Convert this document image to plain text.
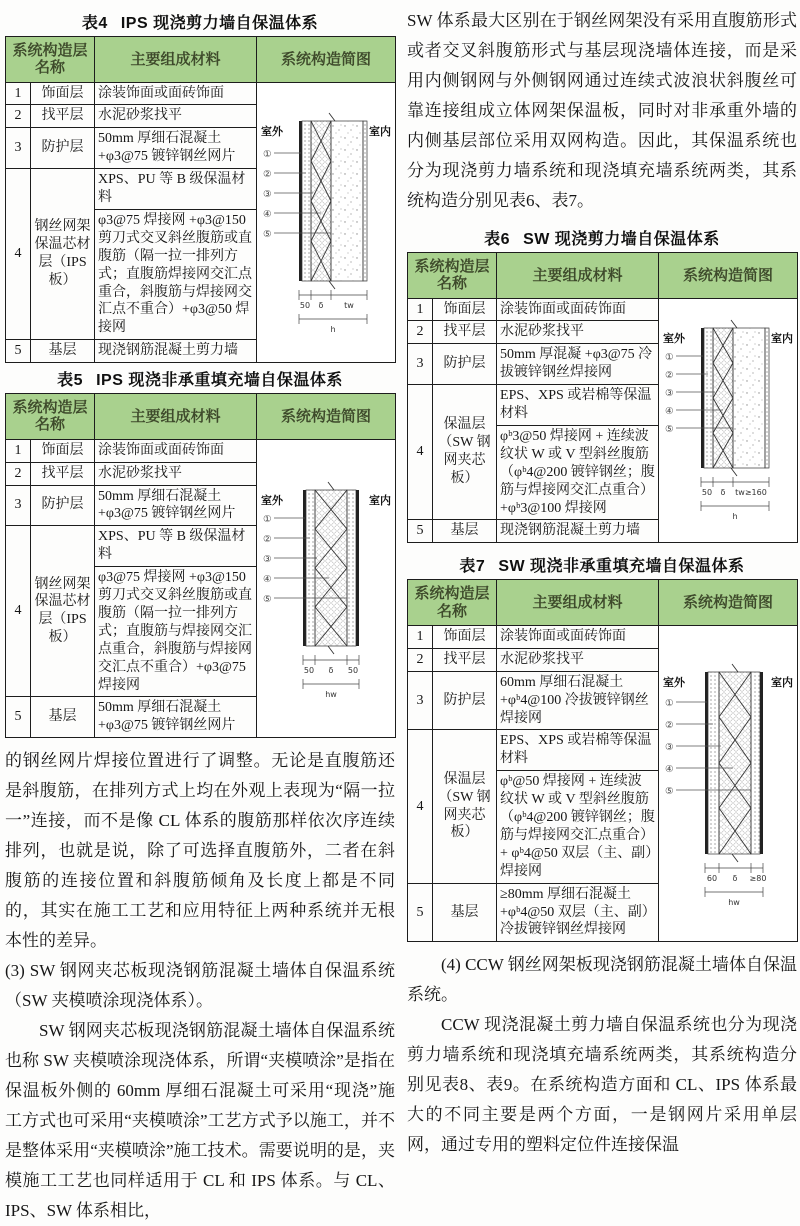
表4 IPS 现浇剪力墙自保温体系
系统构造层名称		主要组成材料	系统构造简图
1	饰面层	涂装饰面或面砖饰面	
室外	室内
①
②
③
④
⑤
50 δ	tw
h

2	找平层	水泥砂浆找平	
3	防护层	50mm 厚细石混凝土 +φ3@75 镀锌钢丝网片	
4	钢丝网架保温芯材层（IPS板）	XPS、PU 等 B 级保温材料	
		φ3@75 焊接网 +φ3@150 剪刀式交叉斜丝腹筋或直腹筋（隔一拉一排列方式；直腹筋焊接网交汇点重合，斜腹筋与焊接网交汇点不重合）+φ3@50 焊接网	
5	基层	现浇钢筋混凝土剪力墙	
表5 IPS 现浇非承重填充墙自保温体系
系统构造层名称		主要组成材料	系统构造简图
1	饰面层	涂装饰面或面砖饰面	
室外	室内
①
②
③
④
⑤
50 δ 50
hw

2	找平层	水泥砂浆找平	
3	防护层	50mm 厚细石混凝土 +φ3@75 镀锌钢丝网片	
4	钢丝网架保温芯材层（IPS 板）	XPS、PU 等 B 级保温材料	
		φ3@75 焊接网 +φ3@150 剪刀式交叉斜丝腹筋或直腹筋（隔一拉一排列方式；直腹筋与焊接网交汇点重合，斜腹筋与焊接网交汇点不重合）+φ3@75 焊接网	
5	基层	50mm 厚细石混凝土 +φ3@75 镀锌钢丝网片	

的钢丝网片焊接位置进行了调整。无论是直腹筋还是斜腹筋，在排列方式上均在外观上表现为“隔一拉一”连接，而不是像 CL 体系的腹筋那样依次序连续排列，也就是说，除了可选择直腹筋外，二者在斜腹筋的连接位置和斜腹筋倾角及长度上都是不同的，其实在施工工艺和应用特征上两种系统并无根本性的差异。

(3) SW 钢网夹芯板现浇钢筋混凝土墙体自保温系统（SW 夹模喷涂现浇体系）。

SW 钢网夹芯板现浇钢筋混凝土墙体自保温系统也称 SW 夹模喷涂现浇体系，所谓“夹模喷涂”是指在保温板外侧的 60mm 厚细石混凝土可采用“现浇”施工方式也可采用“夹模喷涂”工艺方式予以施工，并不是整体采用“夹模喷涂”施工技术。需要说明的是，夹模施工工艺也同样适用于 CL 和 IPS 体系。与 CL、IPS、SW 体系相比，

SW 体系最大区别在于钢丝网架没有采用直腹筋形式或者交叉斜腹筋形式与基层现浇墙体连接，而是采用内侧钢网与外侧钢网通过连续式波浪状斜腹丝可靠连接组成立体网架保温板，同时对非承重外墙的内侧基层部位采用双网构造。因此，其保温系统也分为现浇剪力墙系统和现浇填充墙系统两类，其系统构造分别见表6、表7。

表6 SW 现浇剪力墙自保温体系
系统构造层名称		主要组成材料	系统构造简图
1	饰面层	涂装饰面或面砖饰面	
室外	室内
①
②
③
④
⑤
50 δ tw≥160
h

2	找平层	水泥砂浆找平	
3	防护层	50mm 厚混凝 +φ3@75 冷拔镀锌钢丝焊接网	
4	保温层（SW 钢网夹芯板）	EPS、XPS 或岩棉等保温材料	
		φᵇ3@50 焊接网 + 连续波纹状 W 或 V 型斜丝腹筋（φᵇ4@200 镀锌钢丝；腹筋与焊接网交汇点重合）+φᵇ3@100 焊接网	
5	基层	现浇钢筋混凝土剪力墙	
表7 SW 现浇非承重填充墙自保温体系
系统构造层名称		主要组成材料	系统构造简图
1	饰面层	涂装饰面或面砖饰面	
室外	室内
①
②
③
④
⑤
60 δ ≥80
hw

2	找平层	水泥砂浆找平	
3	防护层	60mm 厚细石混凝土 +φᵇ4@100 冷拔镀锌钢丝焊接网	
4	保温层（SW 钢网夹芯板）	EPS、XPS 或岩棉等保温材料	
		φᵇ@50 焊接网 + 连续波纹状 W 或 V 型斜丝腹筋（φᵇ4@200 镀锌钢丝；腹筋与焊接网交汇点重合）+ φᵇ4@50 双层（主、副）焊接网	
5	基层	≥80mm 厚细石混凝土 +φᵇ4@50 双层（主、副）冷拔镀锌钢丝焊接网	

(4) CCW 钢丝网架板现浇钢筋混凝土墙体自保温系统。

CCW 现浇混凝土剪力墙自保温系统也分为现浇剪力墙系统和现浇填充墙系统两类，其系统构造分别见表8、表9。在系统构造方面和 CL、IPS 体系最大的不同主要是两个方面，一是钢网片采用单层网，通过专用的塑料定位件连接保温
